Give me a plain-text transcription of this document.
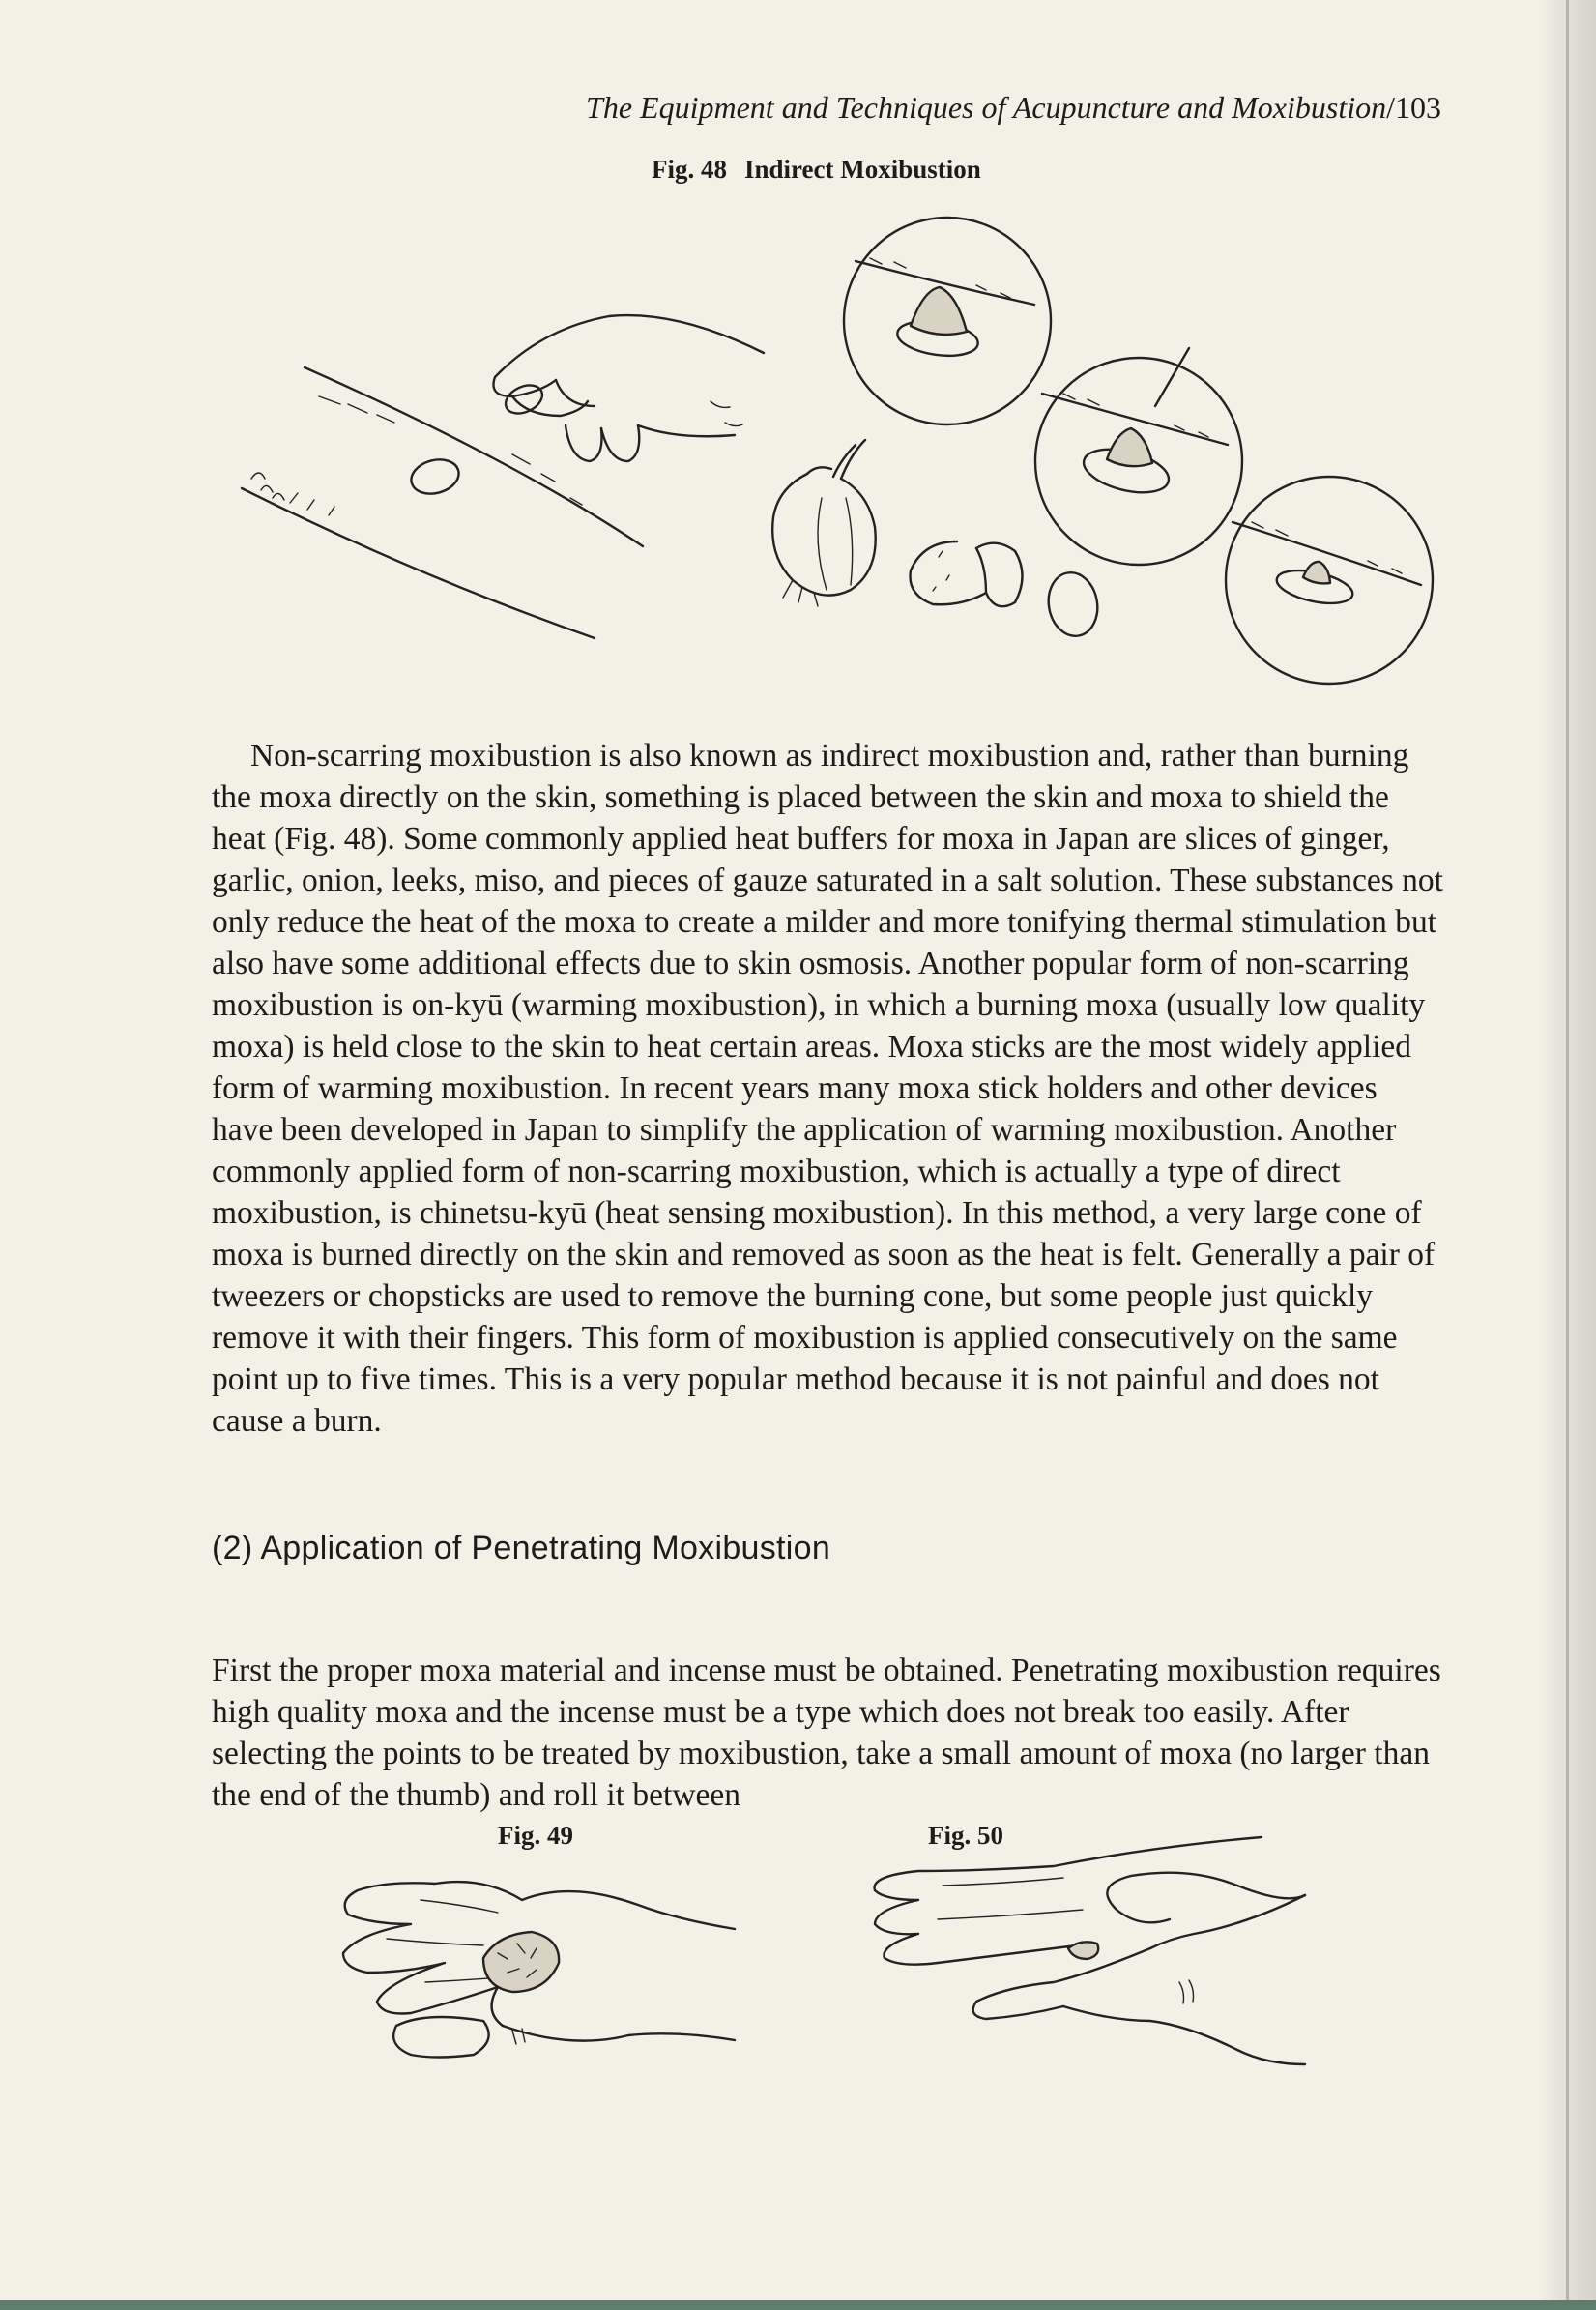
The Equipment and Techniques of Acupuncture and Moxibustion/103
Fig. 48 Indirect Moxibustion

Non-scarring moxibustion is also known as indirect moxibustion and, rather than burning the moxa directly on the skin, something is placed between the skin and moxa to shield the heat (Fig. 48). Some commonly applied heat buffers for moxa in Japan are slices of ginger, garlic, onion, leeks, miso, and pieces of gauze saturated in a salt solution. These substances not only reduce the heat of the moxa to create a milder and more tonifying thermal stimulation but also have some additional effects due to skin osmosis. Another popular form of non-scarring moxibustion is on-kyū (warming moxibustion), in which a burning moxa (usually low quality moxa) is held close to the skin to heat certain areas. Moxa sticks are the most widely applied form of warming moxibustion. In recent years many moxa stick holders and other devices have been developed in Japan to simplify the application of warming moxibustion. Another commonly applied form of non-scarring moxibustion, which is actually a type of direct moxibustion, is chinetsu-kyū (heat sensing moxibustion). In this method, a very large cone of moxa is burned directly on the skin and removed as soon as the heat is felt. Generally a pair of tweezers or chopsticks are used to remove the burning cone, but some people just quickly remove it with their fingers. This form of moxibustion is applied consecutively on the same point up to five times. This is a very popular method because it is not painful and does not cause a burn.

(2) Application of Penetrating Moxibustion

First the proper moxa material and incense must be obtained. Penetrating moxibustion requires high quality moxa and the incense must be a type which does not break too easily. After selecting the points to be treated by moxibustion, take a small amount of moxa (no larger than the end of the thumb) and roll it between

Fig. 49	Fig. 50
